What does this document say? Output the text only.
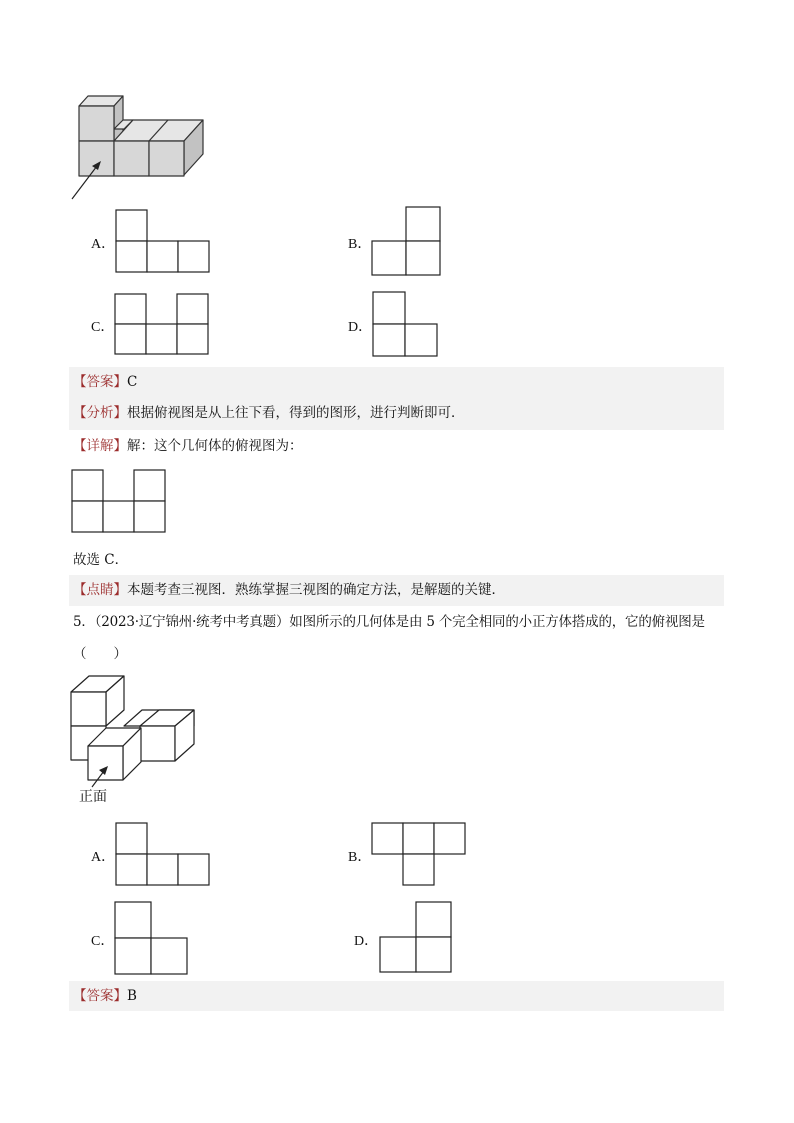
A．	B．
C．	D．
【答案】C
【分析】根据俯视图是从上往下看，得到的图形，进行判断即可．
【详解】解：这个几何体的俯视图为：
故选 C．
【点睛】本题考查三视图．熟练掌握三视图的确定方法，是解题的关键．
5．（2023·辽宁锦州·统考中考真题）如图所示的几何体是由 5 个完全相同的小正方体搭成的，它的俯视图是
（　　）
正面
A．	B．
C．	D．
【答案】B
